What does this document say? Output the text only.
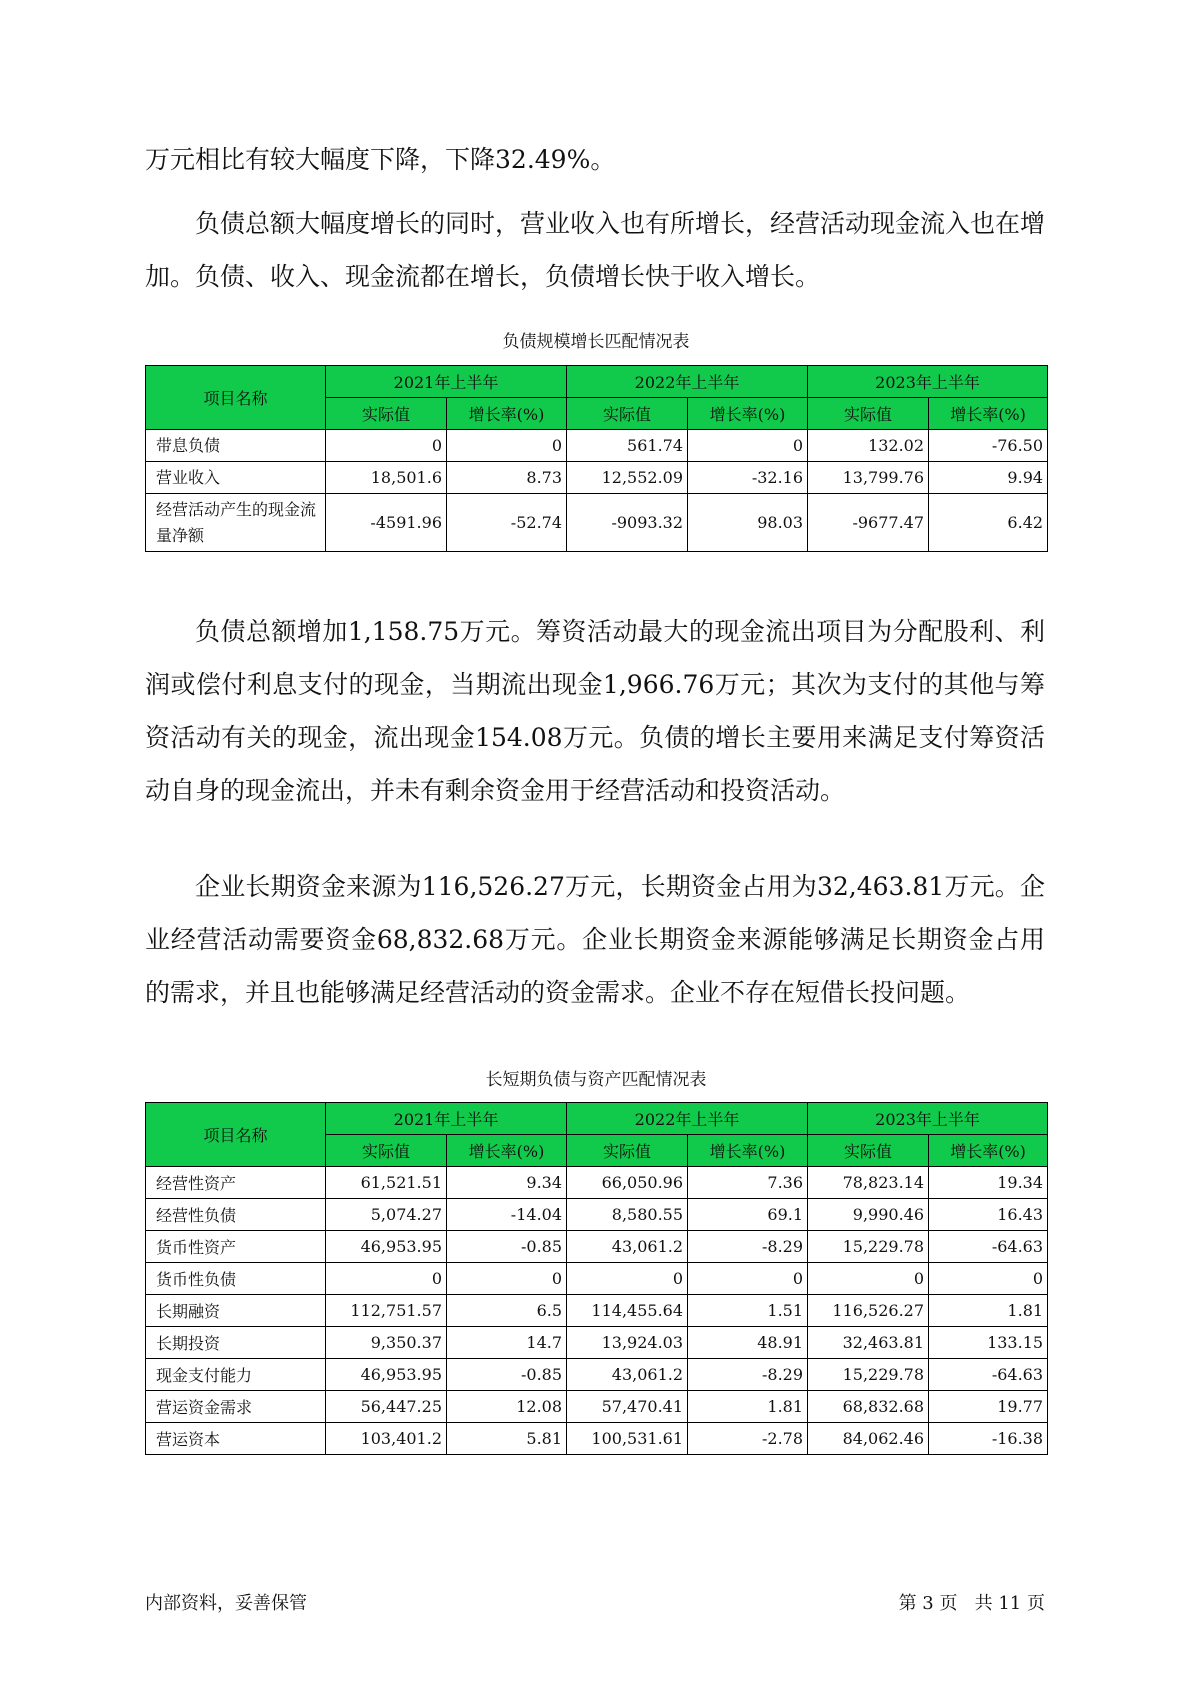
万元相比有较大幅度下降，下降32.49%。

负债总额大幅度增长的同时，营业收入也有所增长，经营活动现金流入也在增加。负债、收入、现金流都在增长，负债增长快于收入增长。

负债规模增长匹配情况表
项目名称	2021年上半年		2022年上半年		2023年上半年	
	实际值	增长率(%)	实际值	增长率(%)	实际值	增长率(%)
带息负债	0	0	561.74	0	132.02	-76.50
营业收入	18,501.6	8.73	12,552.09	-32.16	13,799.76	9.94
经营活动产生的现金流量净额	-4591.96	-52.74	-9093.32	98.03	-9677.47	6.42

负债总额增加1,158.75万元。筹资活动最大的现金流出项目为分配股利、利润或偿付利息支付的现金，当期流出现金1,966.76万元；其次为支付的其他与筹资活动有关的现金，流出现金154.08万元。负债的增长主要用来满足支付筹资活动自身的现金流出，并未有剩余资金用于经营活动和投资活动。

企业长期资金来源为116,526.27万元，长期资金占用为32,463.81万元。企业经营活动需要资金68,832.68万元。企业长期资金来源能够满足长期资金占用的需求，并且也能够满足经营活动的资金需求。企业不存在短借长投问题。

长短期负债与资产匹配情况表
项目名称	2021年上半年		2022年上半年		2023年上半年	
	实际值	增长率(%)	实际值	增长率(%)	实际值	增长率(%)
经营性资产	61,521.51	9.34	66,050.96	7.36	78,823.14	19.34
经营性负债	5,074.27	-14.04	8,580.55	69.1	9,990.46	16.43
货币性资产	46,953.95	-0.85	43,061.2	-8.29	15,229.78	-64.63
货币性负债	0	0	0	0	0	0
长期融资	112,751.57	6.5	114,455.64	1.51	116,526.27	1.81
长期投资	9,350.37	14.7	13,924.03	48.91	32,463.81	133.15
现金支付能力	46,953.95	-0.85	43,061.2	-8.29	15,229.78	-64.63
营运资金需求	56,447.25	12.08	57,470.41	1.81	68,832.68	19.77
营运资本	103,401.2	5.81	100,531.61	-2.78	84,062.46	-16.38
内部资料，妥善保管	第 3 页   共 11 页
